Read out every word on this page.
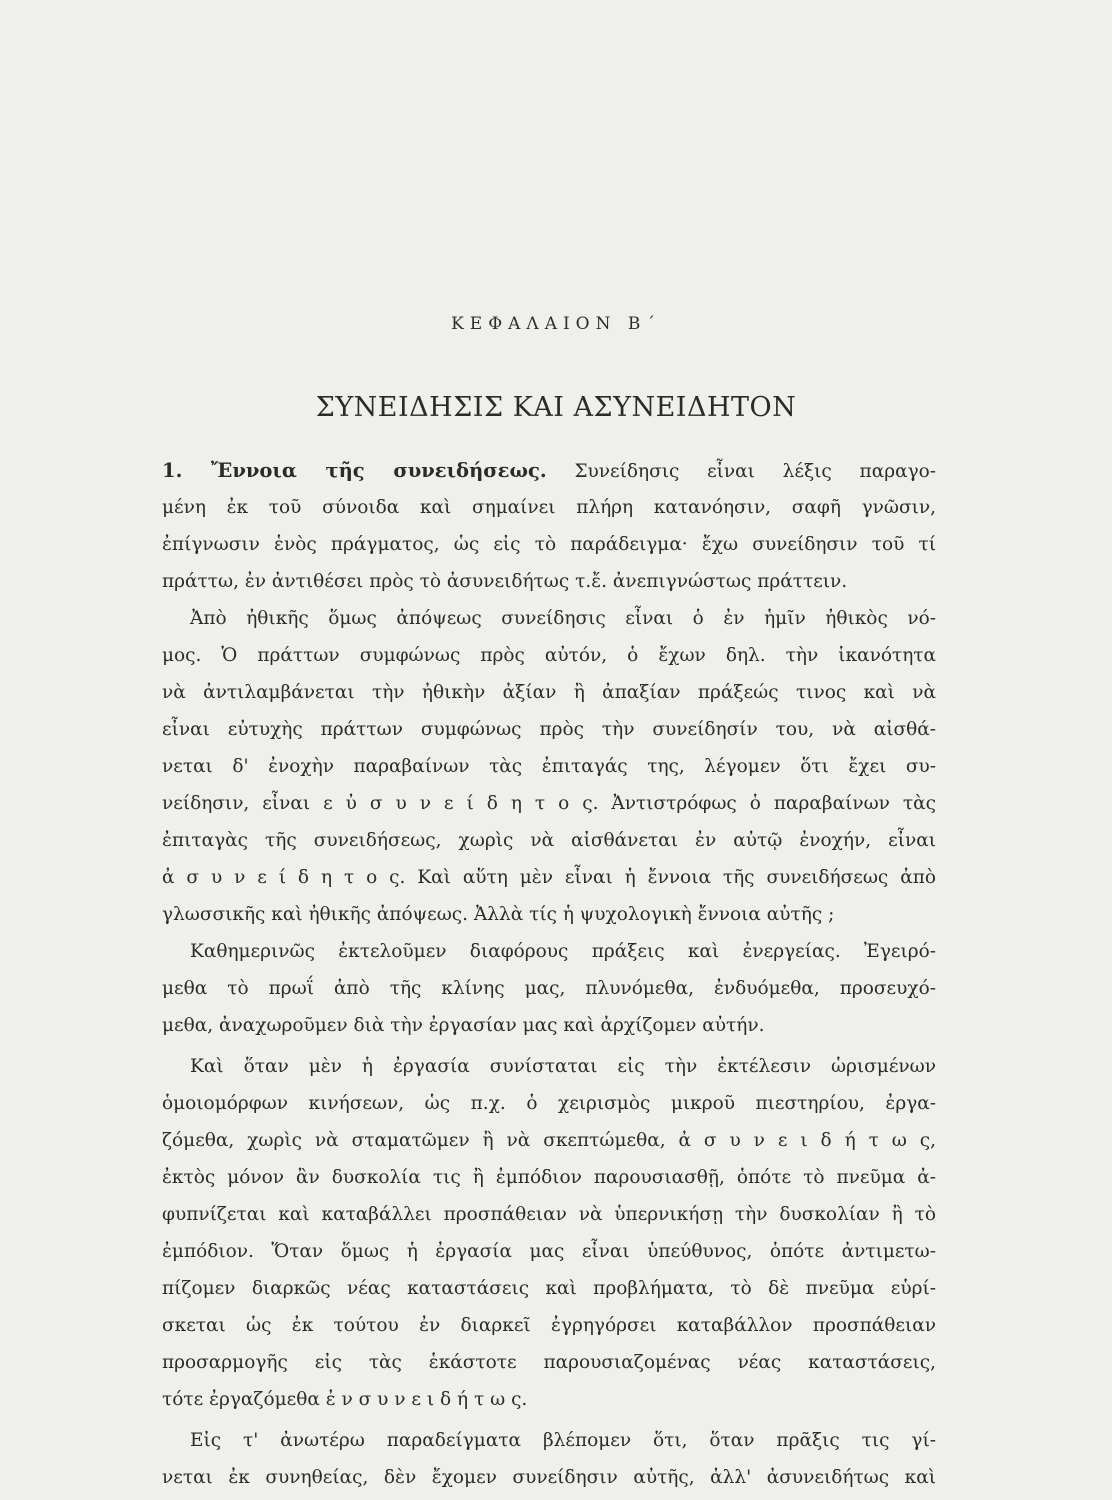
ΚΕΦΑΛΑΙΟΝ Β΄
ΣΥΝΕΙΔΗΣΙΣ ΚΑΙ ΑΣΥΝΕΙΔΗΤΟΝ
1. Ἔννοια τῆς συνειδήσεως. Συνείδησις εἶναι λέξις παραγο-
μένη ἐκ τοῦ σύνοιδα καὶ σημαίνει πλήρη κατανόησιν, σαφῆ γνῶσιν,
ἐπίγνωσιν ἑνὸς πράγματος, ὡς εἰς τὸ παράδειγμα· ἔχω συνείδησιν τοῦ τί
πράττω, ἐν ἀντιθέσει πρὸς τὸ ἀσυνειδήτως τ.ἔ. ἀνεπιγνώστως πράττειν.
Ἀπὸ ἠθικῆς ὅμως ἀπόψεως συνείδησις εἶναι ὁ ἐν ἡμῖν ἠθικὸς νό-
μος. Ὁ πράττων συμφώνως πρὸς αὐτόν, ὁ ἔχων δηλ. τὴν ἱκανότητα
νὰ ἀντιλαμβάνεται τὴν ἠθικὴν ἀξίαν ἢ ἀπαξίαν πράξεώς τινος καὶ νὰ
εἶναι εὐτυχὴς πράττων συμφώνως πρὸς τὴν συνείδησίν του, νὰ αἰσθά-
νεται δ' ἐνοχὴν παραβαίνων τὰς ἐπιταγάς της, λέγομεν ὅτι ἔχει συ-
νείδησιν, εἶναι ε ὐ σ υ ν ε ί δ η τ ο ς. Ἀντιστρόφως ὁ παραβαίνων τὰς
ἐπιταγὰς τῆς συνειδήσεως, χωρὶς νὰ αἰσθάνεται ἐν αὐτῷ ἐνοχήν, εἶναι
ἀ σ υ ν ε ί δ η τ ο ς. Καὶ αὕτη μὲν εἶναι ἡ ἔννοια τῆς συνειδήσεως ἀπὸ
γλωσσικῆς καὶ ἠθικῆς ἀπόψεως. Ἀλλὰ τίς ἡ ψυχολογικὴ ἔννοια αὐτῆς ;
Καθημερινῶς ἐκτελοῦμεν διαφόρους πράξεις καὶ ἐνεργείας. Ἐγειρό-
μεθα τὸ πρωΐ ἀπὸ τῆς κλίνης μας, πλυνόμεθα, ἐνδυόμεθα, προσευχό-
μεθα, ἀναχωροῦμεν διὰ τὴν ἐργασίαν μας καὶ ἀρχίζομεν αὐτήν.
Καὶ ὅταν μὲν ἡ ἐργασία συνίσταται εἰς τὴν ἐκτέλεσιν ὡρισμένων
ὁμοιομόρφων κινήσεων, ὡς π.χ. ὁ χειρισμὸς μικροῦ πιεστηρίου, ἐργα-
ζόμεθα, χωρὶς νὰ σταματῶμεν ἢ νὰ σκεπτώμεθα, ἀ σ υ ν ε ι δ ή τ ω ς,
ἐκτὸς μόνον ἂν δυσκολία τις ἢ ἐμπόδιον παρουσιασθῇ, ὁπότε τὸ πνεῦμα ἀ-
φυπνίζεται καὶ καταβάλλει προσπάθειαν νὰ ὑπερνικήσῃ τὴν δυσκολίαν ἢ τὸ
ἐμπόδιον. Ὅταν ὅμως ἡ ἐργασία μας εἶναι ὑπεύθυνος, ὁπότε ἀντιμετω-
πίζομεν διαρκῶς νέας καταστάσεις καὶ προβλήματα, τὸ δὲ πνεῦμα εὑρί-
σκεται ὡς ἐκ τούτου ἐν διαρκεῖ ἐγρηγόρσει καταβάλλον προσπάθειαν
προσαρμογῆς εἰς τὰς ἑκάστοτε παρουσιαζομένας νέας καταστάσεις,
τότε ἐργαζόμεθα ἐ ν σ υ ν ε ι δ ή τ ω ς.
Εἰς τ' ἀνωτέρω παραδείγματα βλέπομεν ὅτι, ὅταν πρᾶξις τις γί-
νεται ἐκ συνηθείας, δὲν ἔχομεν συνείδησιν αὐτῆς, ἀλλ' ἀσυνειδήτως καὶ
